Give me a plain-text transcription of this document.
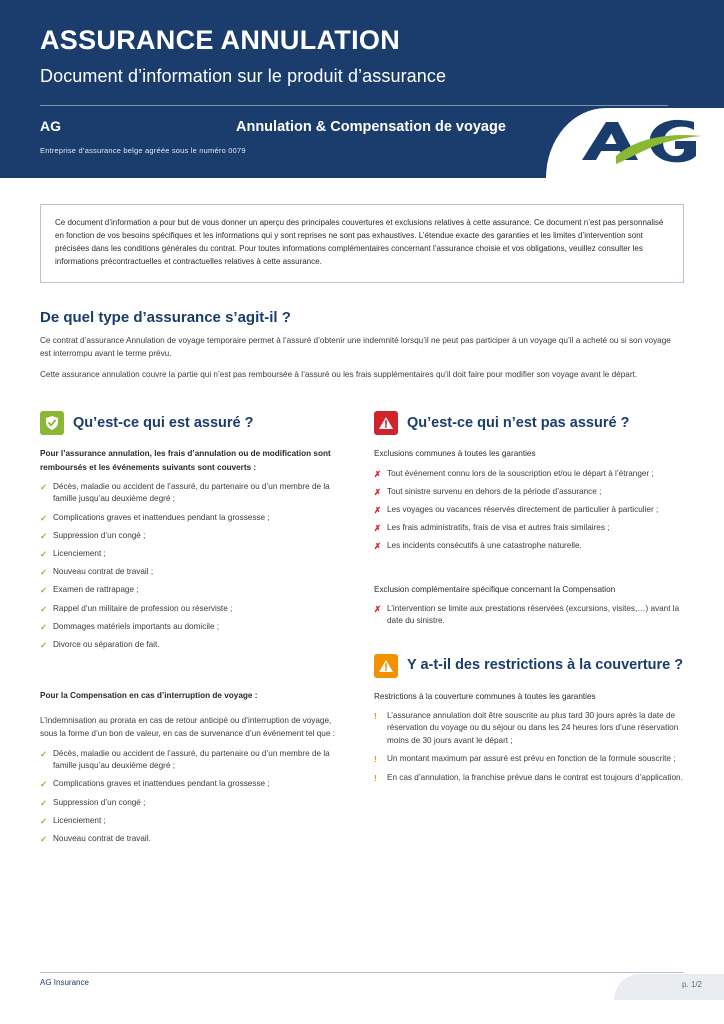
ASSURANCE ANNULATION
Document d’information sur le produit d’assurance
AG	Annulation & Compensation de voyage
Entreprise d’assurance belge agréée sous le numéro 0079

Ce document d’information a pour but de vous donner un aperçu des principales couvertures et exclusions relatives à cette assurance. Ce document n’est pas personnalisé en fonction de vos besoins spécifiques et les informations qui y sont reprises ne sont pas exhaustives. L’étendue exacte des garanties et les limites d’intervention sont précisées dans les conditions générales du contrat. Pour toutes informations complémentaires concernant l’assurance choisie et vos obligations, veuillez consulter les informations précontractuelles et contractuelles relatives à cette assurance.

De quel type d’assurance s’agit-il ?
Ce contrat d’assurance Annulation de voyage temporaire permet à l’assuré d’obtenir une indemnité lorsqu’il ne peut pas participer à un voyage qu’il a acheté ou si son voyage est interrompu avant le terme prévu.
Cette assurance annulation couvre la partie qui n’est pas remboursée à l’assuré ou les frais supplémentaires qu’il doit faire pour modifier son voyage avant le départ.
Qu’est-ce qui est assuré ?
Pour l’assurance annulation, les frais d’annulation ou de modification sont remboursés et les événements suivants sont couverts :
✓ Décès, maladie ou accident de l’assuré, du partenaire ou d’un membre de la famille jusqu’au deuxième degré ;
✓ Complications graves et inattendues pendant la grossesse ;
✓ Suppression d’un congé ;
✓ Licenciement ;
✓ Nouveau contrat de travail ;
✓ Examen de rattrapage ;
✓ Rappel d’un militaire de profession ou réserviste ;
✓ Dommages matériels importants au domicile ;
✓ Divorce ou séparation de fait.
Pour la Compensation en cas d’interruption de voyage :
L’indemnisation au prorata en cas de retour anticipé ou d’interruption de voyage, sous la forme d’un bon de valeur, en cas de survenance d’un événement tel que :
✓ Décès, maladie ou accident de l’assuré, du partenaire ou d’un membre de la famille jusqu’au deuxième degré ;
✓ Complications graves et inattendues pendant la grossesse ;
✓ Suppression d’un congé ;
✓ Licenciement ;
✓ Nouveau contrat de travail.
Qu’est-ce qui n’est pas assuré ?
Exclusions communes à toutes les garanties
✗ Tout événement connu lors de la souscription et/ou le départ à l’étranger ;
✗ Tout sinistre survenu en dehors de la période d’assurance ;
✗ Les voyages ou vacances réservés directement de particulier à particulier ;
✗ Les frais administratifs, frais de visa et autres frais similaires ;
✗ Les incidents consécutifs à une catastrophe naturelle.
Exclusion complémentaire spécifique concernant la Compensation
✗ L’intervention se limite aux prestations réservées (excursions, visites,…) avant la date du sinistre.
Y a-t-il des restrictions à la couverture ?
Restrictions à la couverture communes à toutes les garanties
! L’assurance annulation doit être souscrite au plus tard 30 jours après la date de réservation du voyage ou du séjour ou dans les 24 heures lors d’une réservation moins de 30 jours avant le départ ;
! Un montant maximum par assuré est prévu en fonction de la formule souscrite ;
! En cas d’annulation, la franchise prévue dans le contrat est toujours d’application.
AG Insurance	p. 1/2
